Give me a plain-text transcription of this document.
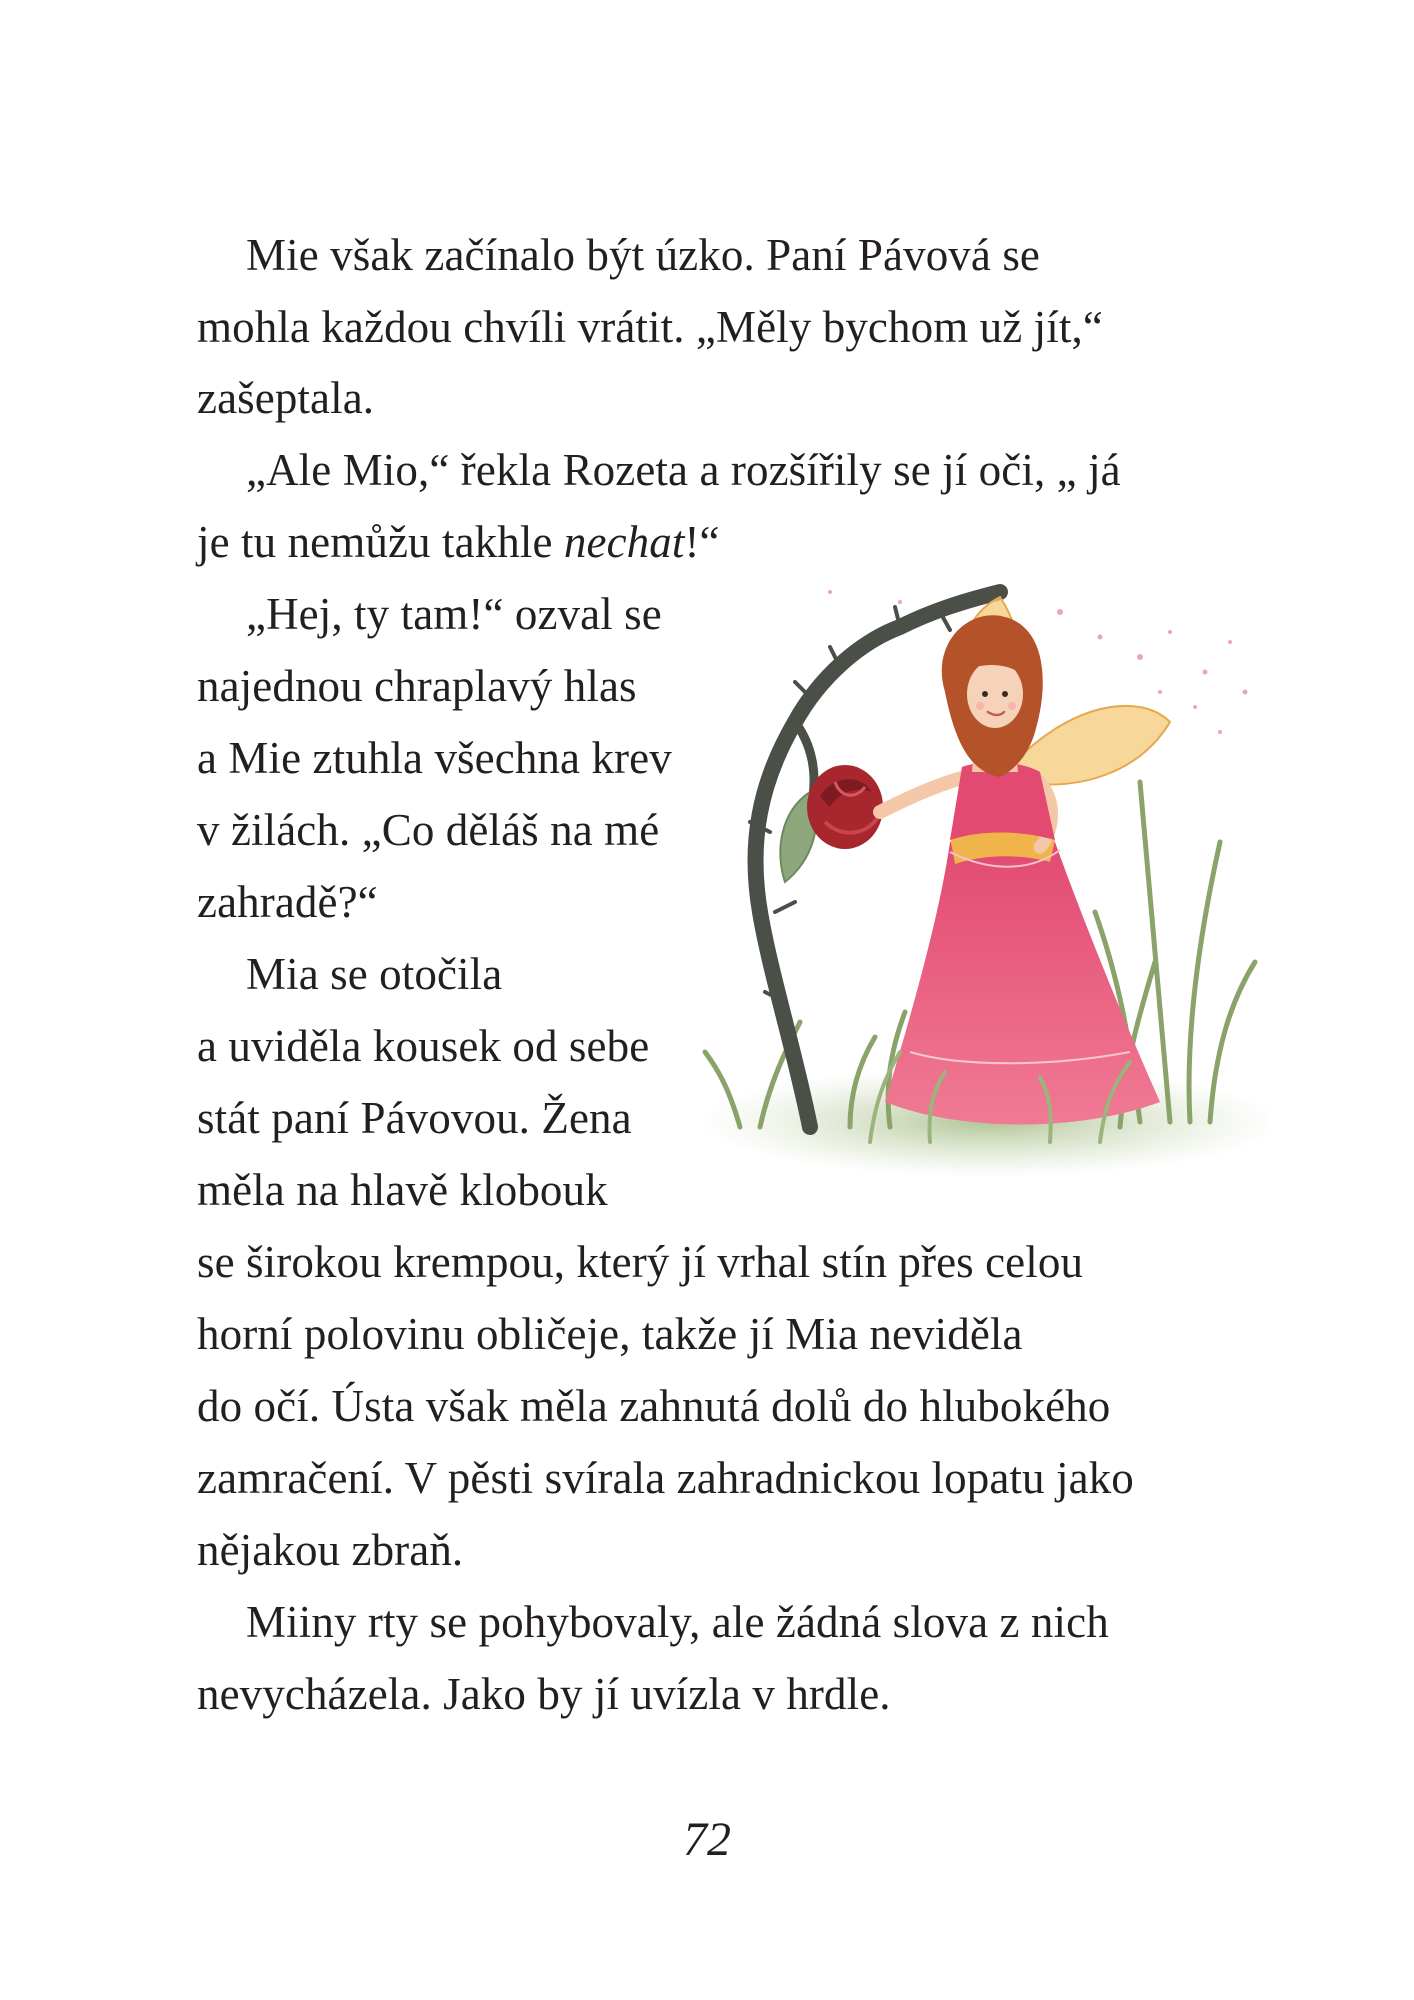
Mie však začínalo být úzko. Paní Pávová se
mohla každou chvíli vrátit. „Měly bychom už jít,“
zašeptala.
„Ale Mio,“ řekla Rozeta a rozšířily se jí oči, „ já
je tu nemůžu takhle nechat!“
„Hej, ty tam!“ ozval se
najednou chraplavý hlas
a Mie ztuhla všechna krev
v žilách. „Co děláš na mé
zahradě?“
Mia se otočila
a uviděla kousek od sebe
stát paní Pávovou. Žena
měla na hlavě klobouk
se širokou krempou, který jí vrhal stín přes celou
horní polovinu obličeje, takže jí Mia neviděla
do očí. Ústa však měla zahnutá dolů do hlubokého
zamračení. V pěsti svírala zahradnickou lopatu jako
nějakou zbraň.
Miiny rty se pohybovaly, ale žádná slova z nich
nevycházela. Jako by jí uvízla v hrdle.
72
